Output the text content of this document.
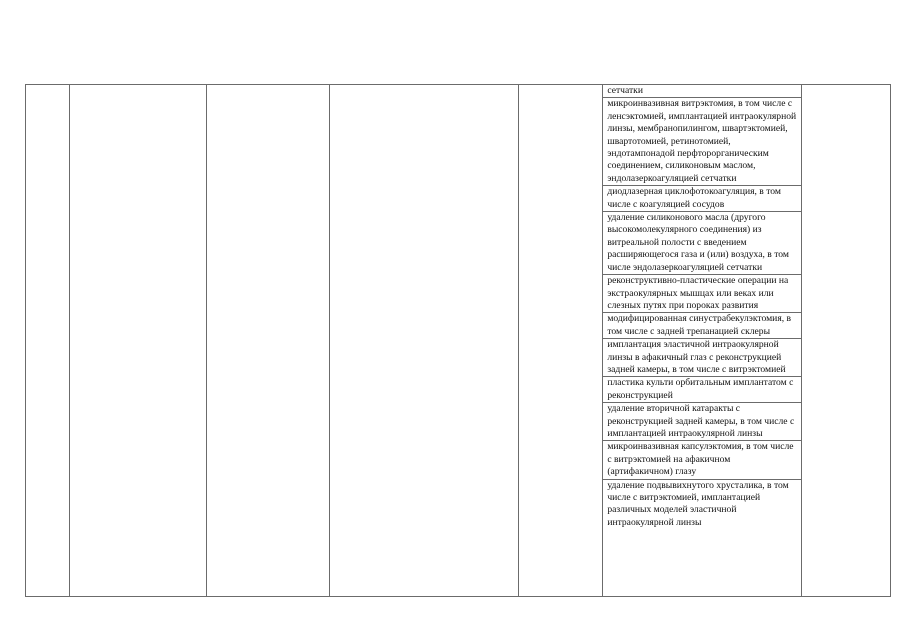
сетчатки
микроинвазивная витрэктомия, в том числе с ленсэктомией, имплантацией интраокулярной линзы, мембранопилингом, швартэктомией, швартотомией, ретинотомией, эндотампонадой перфторорганическим соединением, силиконовым маслом, эндолазеркоагуляцией сетчатки
диодлазерная циклофотокоагуляция, в том числе с коагуляцией сосудов
удаление силиконового масла (другого высокомолекулярного соединения) из витреальной полости с введением расширяющегося газа и (или) воздуха, в том числе эндолазеркоагуляцией сетчатки
реконструктивно-пластические операции на экстраокулярных мышцах или веках или слезных путях при пороках развития
модифицированная синустрабекулэктомия, в том числе с задней трепанацией склеры
имплантация эластичной интраокулярной линзы в афакичный глаз с реконструкцией задней камеры, в том числе с витрэктомией
пластика культи орбитальным имплантатом с реконструкцией
удаление вторичной катаракты с реконструкцией задней камеры, в том числе с имплантацией интраокулярной линзы
микроинвазивная капсулэктомия, в том числе с витрэктомией на афакичном (артифакичном) глазу
удаление подвывихнутого хрусталика, в том числе с витрэктомией, имплантацией различных моделей эластичной интраокулярной линзы
